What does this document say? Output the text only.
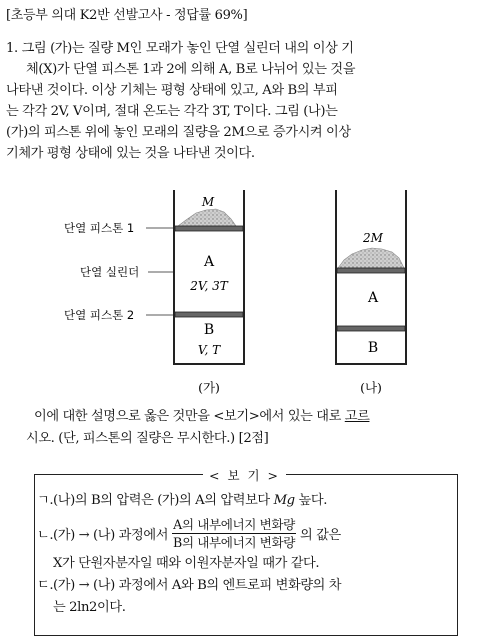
[초등부 의대 K2반 선발고사 - 정답률 69%]
1. 그림 (가)는 질량 M인 모래가 놓인 단열 실린더 내의 이상 기
체(X)가 단열 피스톤 1과 2에 의해 A, B로 나뉘어 있는 것을
나타낸 것이다. 이상 기체는 평형 상태에 있고, A와 B의 부피
는 각각 2V, V이며, 절대 온도는 각각 3T, T이다. 그림 (나)는
(가)의 피스톤 위에 놓인 모래의 질량을 2M으로 증가시켜 이상
기체가 평형 상태에 있는 것을 나타낸 것이다.
M
A
2V, 3T
B
V, T
단열 피스톤 1
단열 실린더
단열 피스톤 2
2M
A
B
(가)	(나)
이에 대한 설명으로 옳은 것만을 <보기>에서 있는 대로 고르
시오. (단, 피스톤의 질량은 무시한다.) [2점]
< 보 기 >
ㄱ.(나)의 B의 압력은 (가)의 A의 압력보다 Mg 높다.
ㄴ. (가) → (나) 과정에서 $\frac{\text{A의 내부에너지 변화량}}{\text{B의 내부에너지 변화량}}$ 의 값은
X가 단원자분자일 때와 이원자분자일 때가 같다.
ㄷ.(가) → (나) 과정에서 A와 B의 엔트로피 변화량의 차
는 2ln2이다.
